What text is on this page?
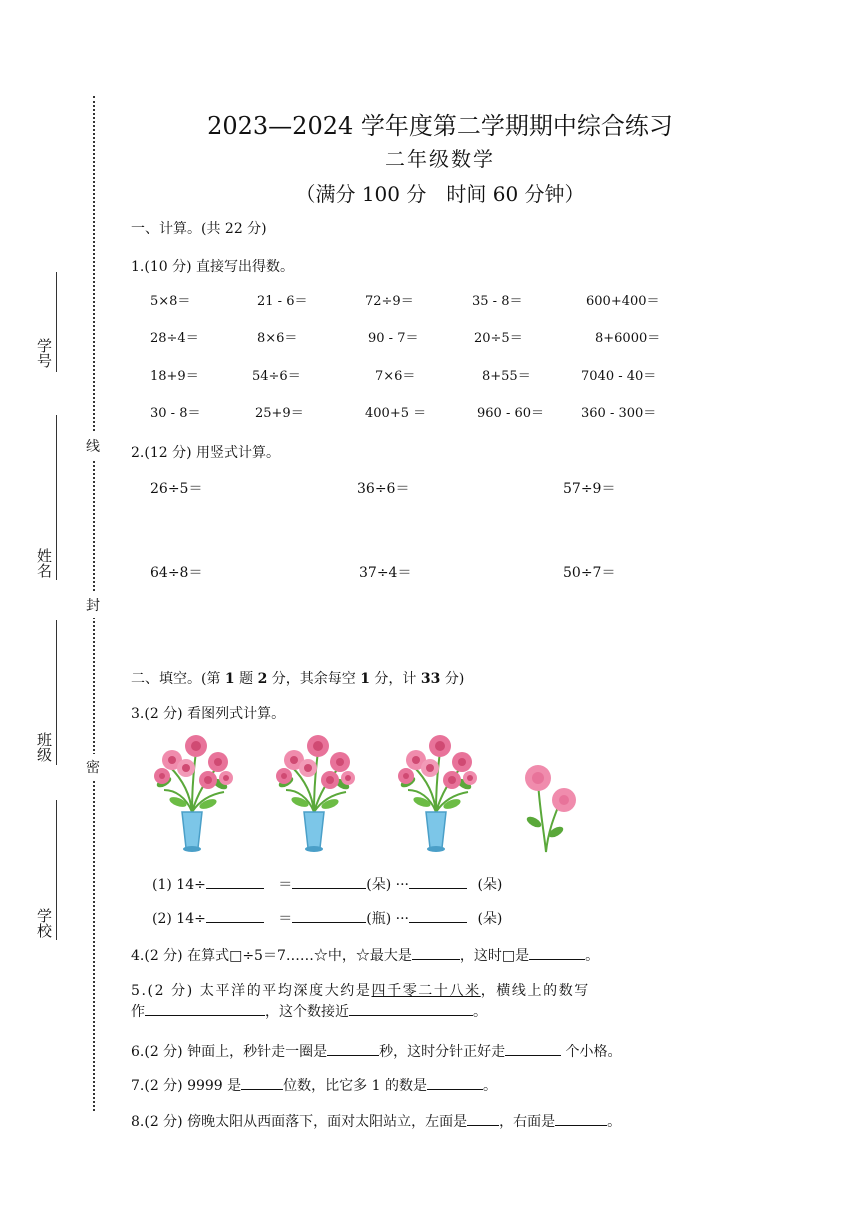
线
封
密
学号
姓名
班级
学校
2023—2024 学年度第二学期期中综合练习
二年级数学
（满分 100 分　时间 60 分钟）
一、计算。(共 22 分)
1.(10 分) 直接写出得数。
5×8＝	21 - 6＝	72÷9＝	35 - 8＝	600+400＝
28÷4＝	8×6＝	90 - 7＝	20÷5＝	8+6000＝
18+9＝	54÷6＝	7×6＝	8+55＝	7040 - 40＝
30 - 8＝	25+9＝	400+5 ＝	960 - 60＝	360 - 300＝
2.(12 分) 用竖式计算。
26÷5＝	36÷6＝	57÷9＝
64÷8＝	37÷4＝	50÷7＝
二、填空。(第 1 题 2 分，其余每空 1 分，计 33 分)
3.(2 分) 看图列式计算。
(1) 14÷	＝	(朵) ···	(朵)
(2) 14÷	＝	(瓶) ···	(朵)
4.(2 分) 在算式□÷5＝7……☆中，☆最大是	，这时□是	。
5.(2 分) 太平洋的平均深度大约是四千零二十八米，横线上的数写
作	，这个数接近	。
6.(2 分) 钟面上，秒针走一圈是	秒，这时分针正好走	个小格。
7.(2 分) 9999 是	位数，比它多 1 的数是	。
8.(2 分) 傍晚太阳从西面落下，面对太阳站立，左面是 ，右面是	。
